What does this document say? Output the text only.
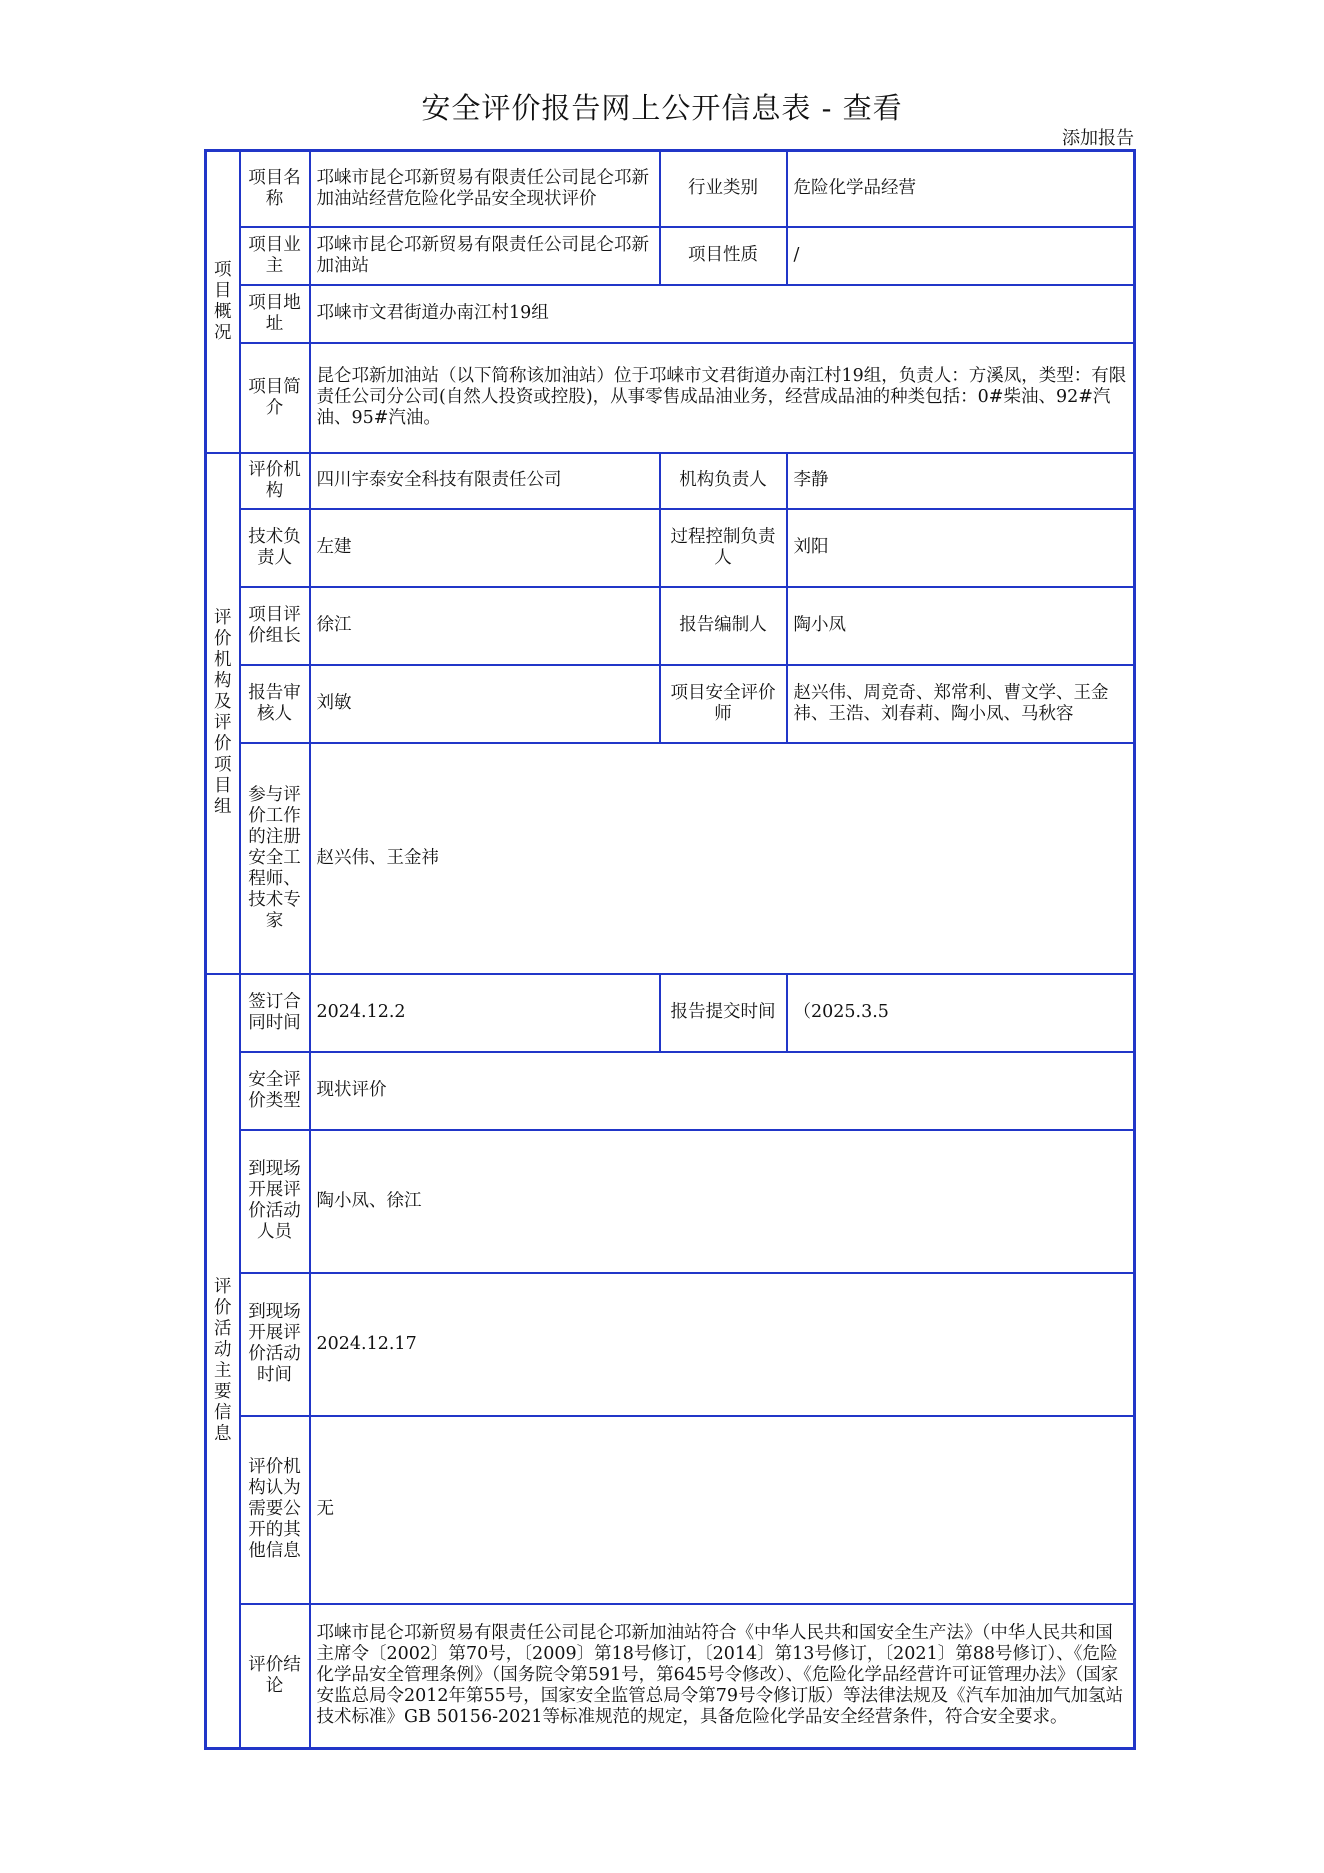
安全评价报告网上公开信息表 - 查看
添加报告
项目概况	项目名称	邛崃市昆仑邛新贸易有限责任公司昆仑邛新加油站经营危险化学品安全现状评价	行业类别	危险化学品经营
	项目业主	邛崃市昆仑邛新贸易有限责任公司昆仑邛新加油站	项目性质	/
	项目地址	邛崃市文君街道办南江村19组		
	项目简介	昆仑邛新加油站（以下简称该加油站）位于邛崃市文君街道办南江村19组，负责人：方溪凤，类型：有限责任公司分公司(自然人投资或控股)，从事零售成品油业务，经营成品油的种类包括：0#柴油、92#汽油、95#汽油。		
评价机构及评价项目组	评价机构	四川宇泰安全科技有限责任公司	机构负责人	李静
	技术负责人	左建	过程控制负责人	刘阳
	项目评价组长	徐江	报告编制人	陶小凤
	报告审核人	刘敏	项目安全评价师	赵兴伟、周竞奇、郑常利、曹文学、王金祎、王浩、刘春莉、陶小凤、马秋容
	参与评价工作的注册安全工程师、技术专家	赵兴伟、王金祎		
评价活动主要信息	签订合同时间	2024.12.2	报告提交时间	（2025.3.5
	安全评价类型	现状评价		
	到现场开展评价活动人员	陶小凤、徐江		
	到现场开展评价活动时间	2024.12.17		
	评价机构认为需要公开的其他信息	无		
	评价结论	邛崃市昆仑邛新贸易有限责任公司昆仑邛新加油站符合《中华人民共和国安全生产法》（中华人民共和国主席令〔2002〕第70号，〔2009〕第18号修订，〔2014〕第13号修订，〔2021〕第88号修订）、《危险化学品安全管理条例》（国务院令第591号，第645号令修改）、《危险化学品经营许可证管理办法》（国家安监总局令2012年第55号，国家安全监管总局令第79号令修订版）等法律法规及《汽车加油加气加氢站技术标准》GB 50156-2021等标准规范的规定，具备危险化学品安全经营条件，符合安全要求。		
